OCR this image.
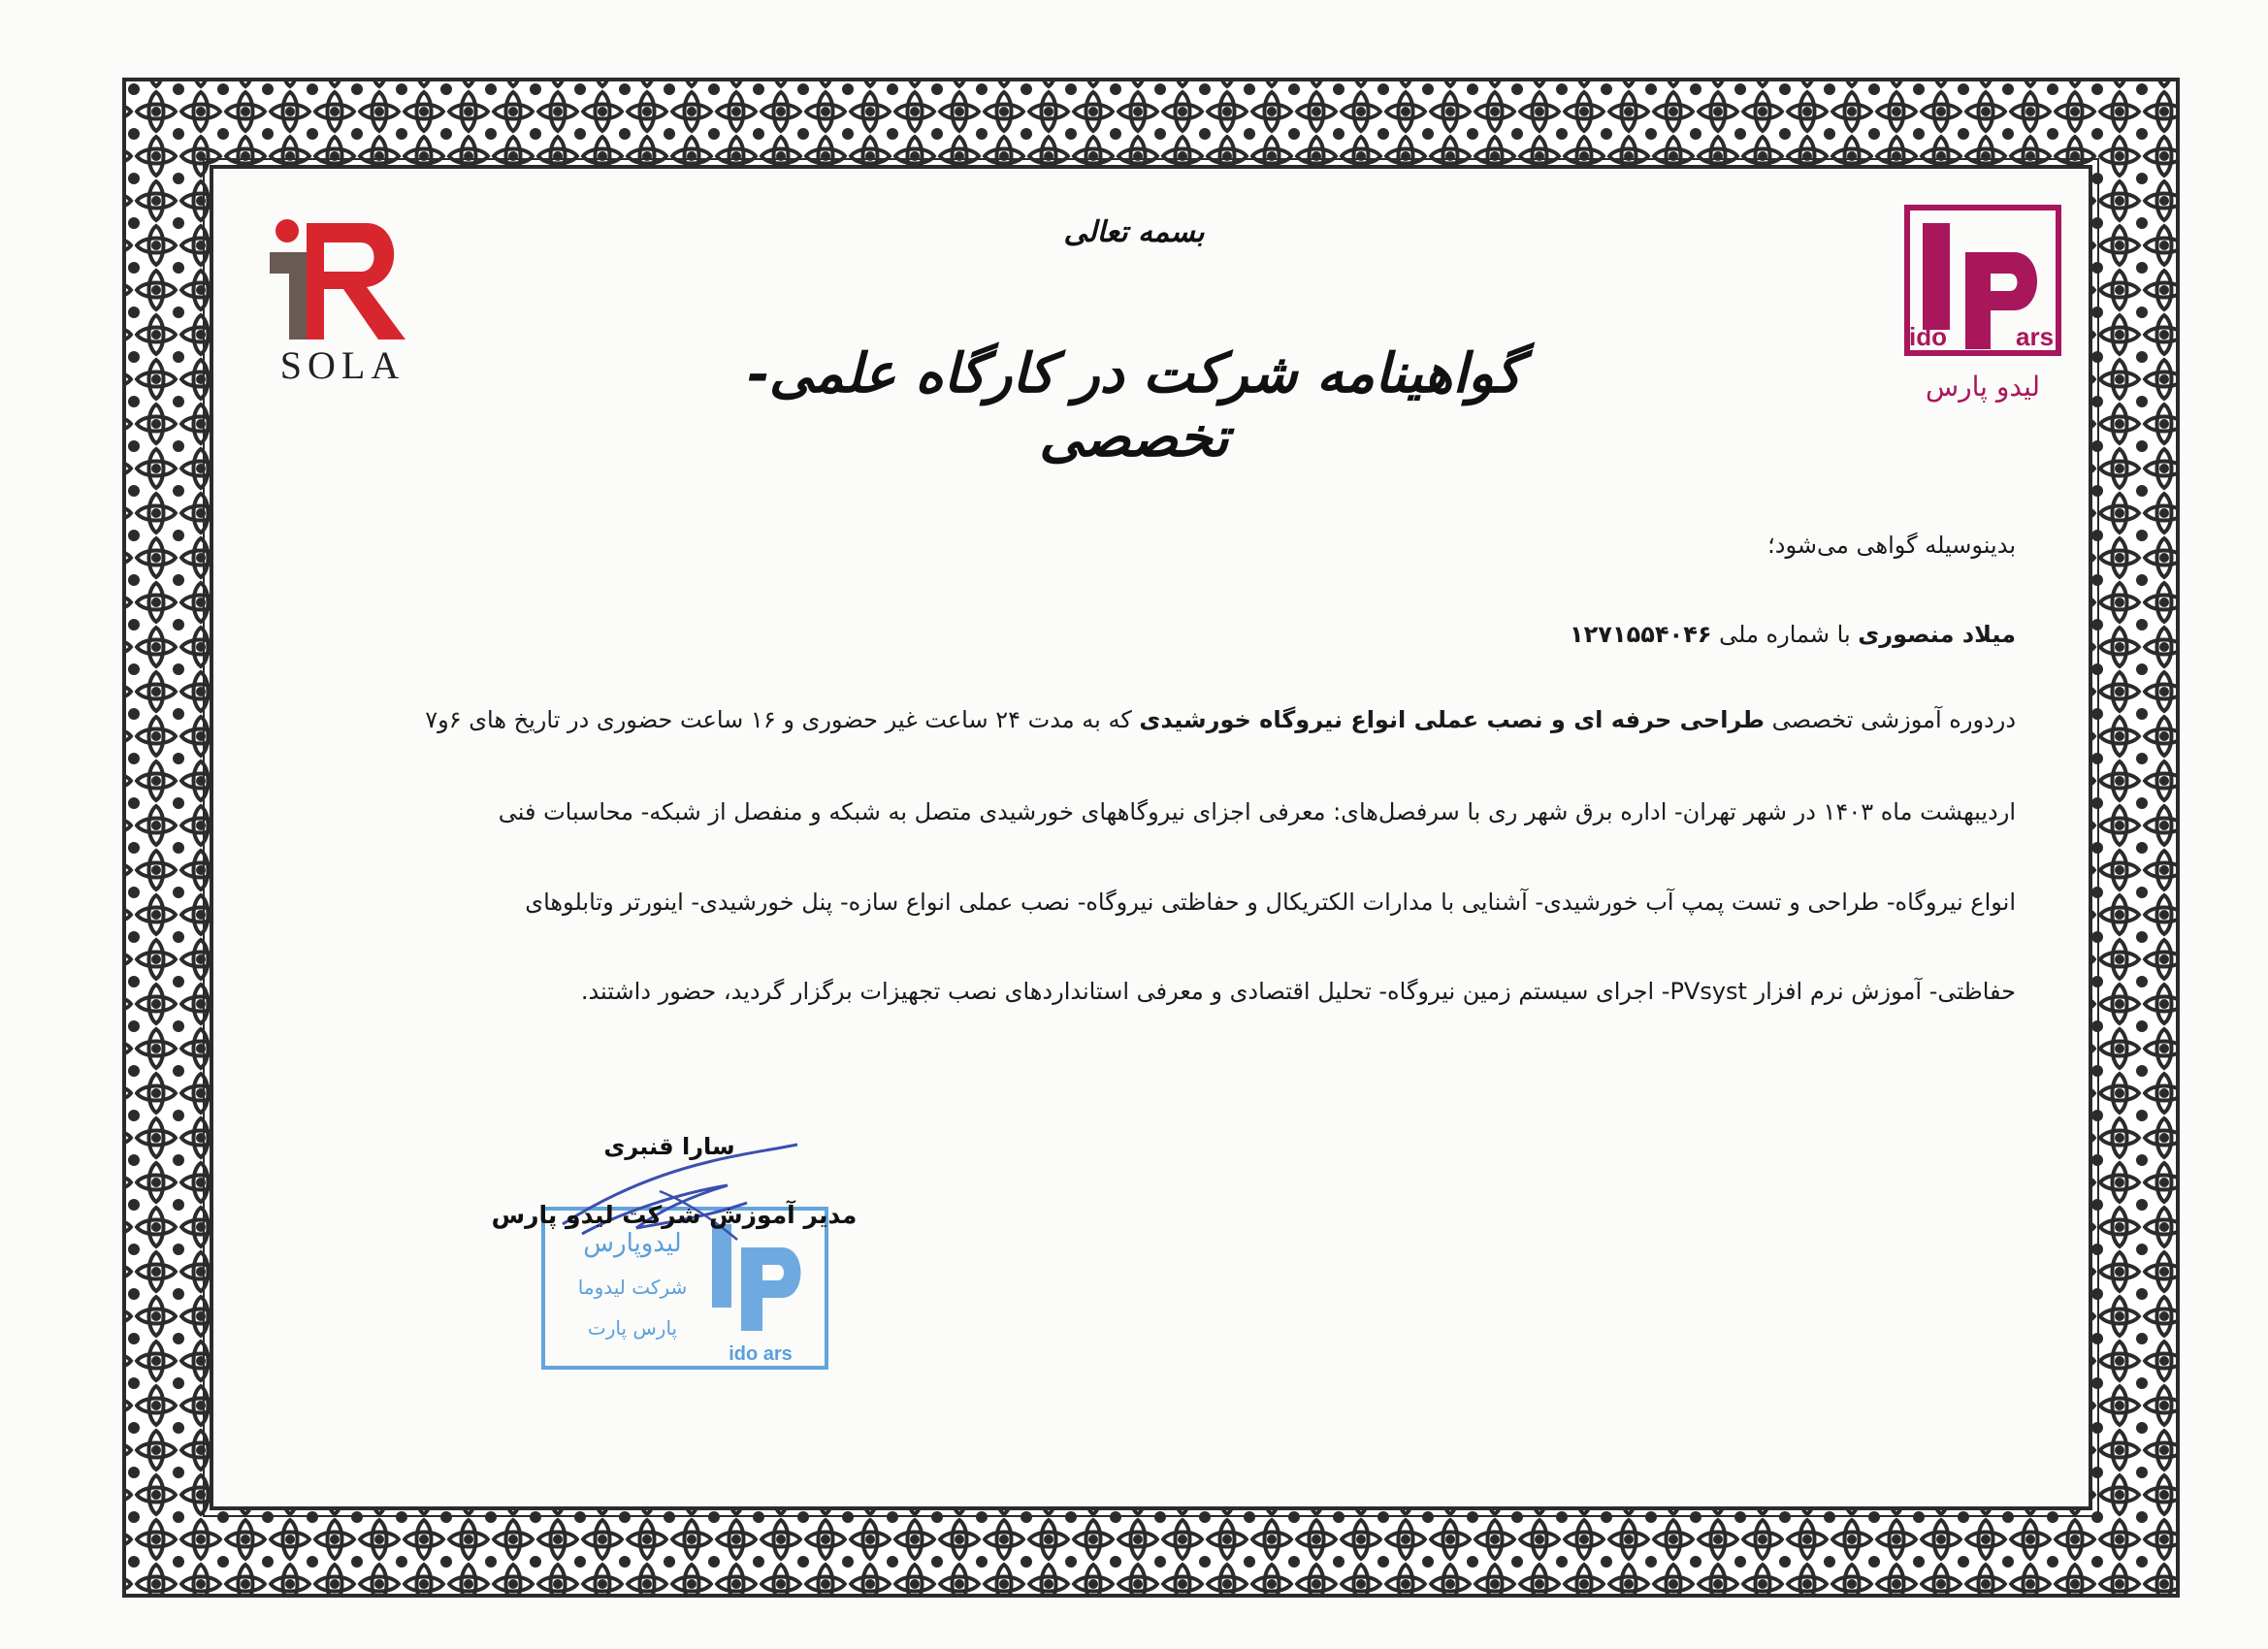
SOLA
ido	ars
لیدو پارس
بسمه تعالی
گواهینامه شرکت در کارگاه علمی- تخصصی
بدینوسیله گواهی می‌شود؛
میلاد منصوری با شماره ملی ۱۲۷۱۵۵۴۰۴۶
دردوره آموزشی تخصصی طراحی حرفه ای و نصب عملی انواع نیروگاه خورشیدی که به مدت ۲۴ ساعت غیر حضوری و ۱۶ ساعت حضوری در تاریخ های ۶و۷
اردیبهشت ماه ۱۴۰۳ در شهر تهران- اداره برق شهر ری با سرفصل‌های: معرفی اجزای نیروگاههای خورشیدی متصل به شبکه و منفصل از شبکه- محاسبات فنی
انواع نیروگاه- طراحی و تست پمپ آب خورشیدی- آشنایی با مدارات الکتریکال و حفاظتی نیروگاه- نصب عملی انواع سازه- پنل خورشیدی- اینورتر وتابلوهای
حفاظتی- آموزش نرم افزار PVsyst- اجرای سیستم زمین نیروگاه- تحلیل اقتصادی و معرفی استانداردهای نصب تجهیزات برگزار گردید، حضور داشتند.
لیدوپارس
شرکت لیدوما
پارس پارت
ido ars
سارا قنبری
مدیر آموزش شرکت لیدو پارس
